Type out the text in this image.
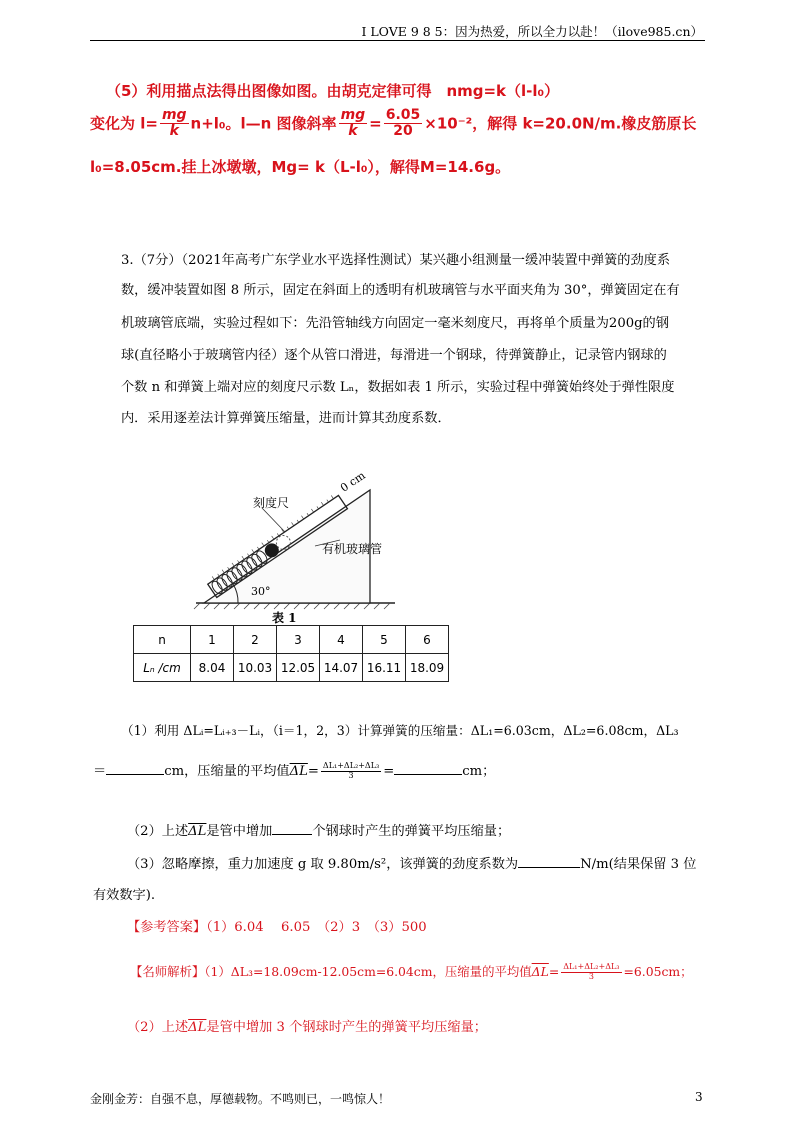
I LOVE 9 8 5：因为热爱，所以全力以赴！（ilove985.cn）
（5）利用描点法得出图像如图。由胡克定律可得　nmg=k（l-l₀）
变化为 $l= \frac{mg}{k} n+l_0$。l—n 图像斜率 $\frac{mg}{k} = \frac{6.05}{20} \times 10^{-2}$，解得 k=20.0N/m.橡皮筋原长
l₀=8.05cm.挂上冰墩墩，Mg= k（L-l₀），解得M=14.6g。
3.（7分）（2021年高考广东学业水平选择性测试）某兴趣小组测量一缓冲装置中弹簧的劲度系
数，缓冲装置如图 8 所示，固定在斜面上的透明有机玻璃管与水平面夹角为 30°，弹簧固定在有
机玻璃管底端，实验过程如下：先沿管轴线方向固定一毫米刻度尺，再将单个质量为200g的钢
球(直径略小于玻璃管内径）逐个从管口滑进，每滑进一个钢球，待弹簧静止，记录管内钢球的
个数 n 和弹簧上端对应的刻度尺示数 Lₙ，数据如表 1 所示，实验过程中弹簧始终处于弹性限度
内．采用逐差法计算弹簧压缩量，进而计算其劲度系数．
刻度尺
0 cm
有机玻璃管
30°
表 1
n	1	2	3	4	5	6
Lₙ /cm	8.04	10.03	12.05	14.07	16.11	18.09
（1）利用 ΔLᵢ=Lᵢ₊₃－Lᵢ，（i＝1，2，3）计算弹簧的压缩量：ΔL₁=6.03cm，ΔL₂=6.08cm，ΔL₃
＝	cm，压缩量的平均值$\overline{\Delta L}= \frac{\text{ΔL₁+ΔL₂+ΔL₃}}{3}$ =	cm；
（2）上述$\overline{\Delta L}$是管中增加	个钢球时产生的弹簧平均压缩量；
（3）忽略摩擦，重力加速度 g 取 9.80m/s²，该弹簧的劲度系数为	N/m(结果保留 3 位
有效数字).
【参考答案】（1）6.04　 6.05　（2）3　（3）500
【名师解析】（1）ΔL₃=18.09cm-12.05cm=6.04cm，压缩量的平均值$\overline{\Delta L}= \frac{\text{ΔL₁+ΔL₂+ΔL₃}}{3} =6.05cm$；
（2）上述$\overline{\Delta L}$是管中增加 3 个钢球时产生的弹簧平均压缩量；
金刚金芳：自强不息，厚德载物。不鸣则已，一鸣惊人！	3
